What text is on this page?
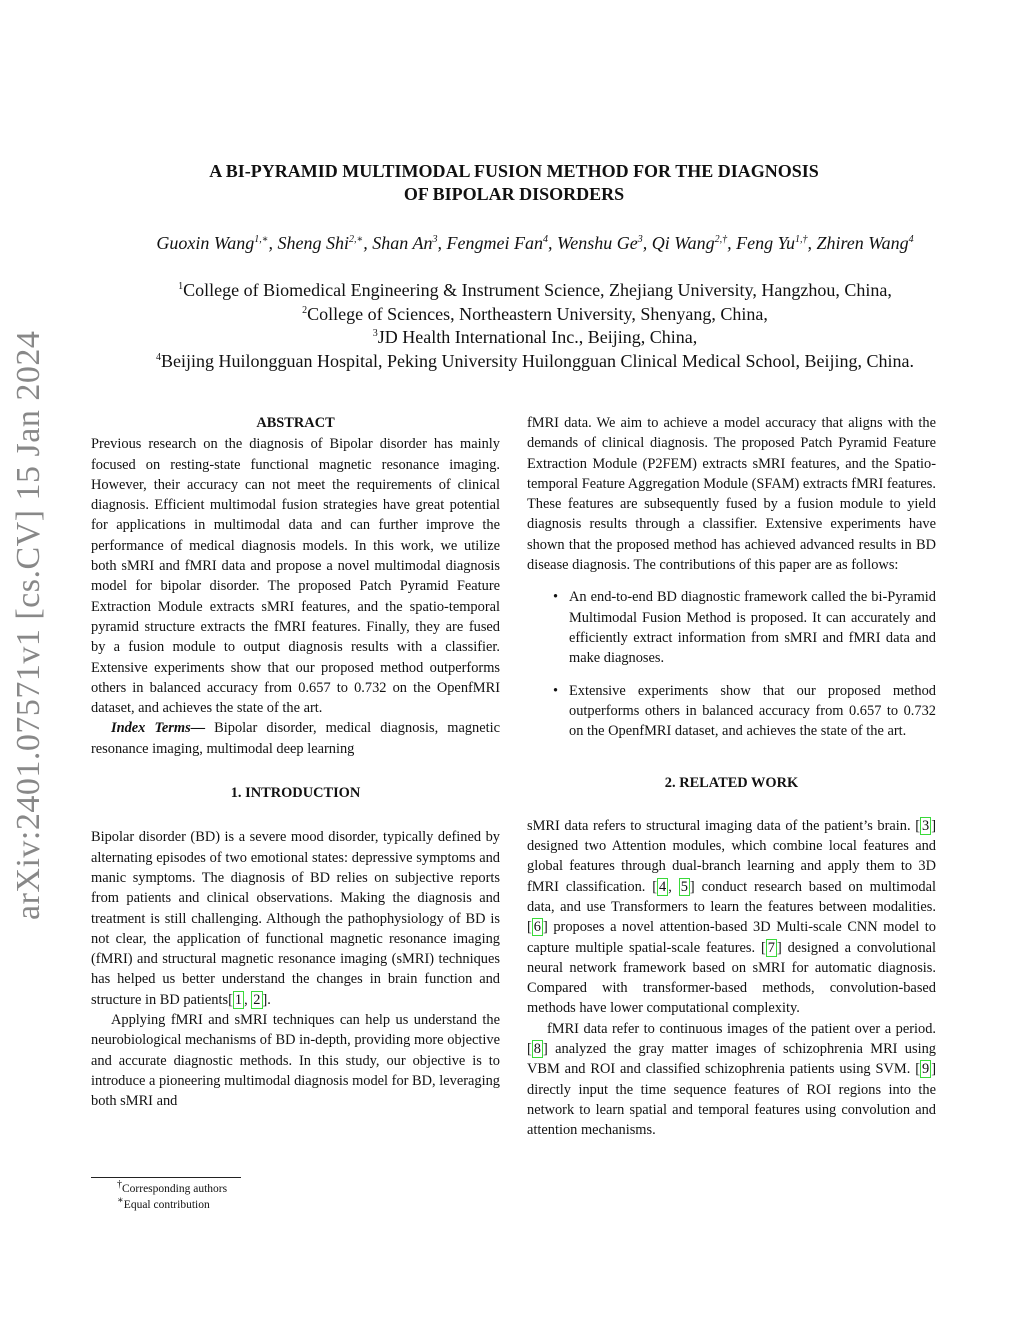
arXiv:2401.07571v1 [cs.CV] 15 Jan 2024
A BI-PYRAMID MULTIMODAL FUSION METHOD FOR THE DIAGNOSIS
OF BIPOLAR DISORDERS
Guoxin Wang$^{1,∗}$, Sheng Shi$^{2,∗}$, Shan An$^3$, Fengmei Fan$^4$, Wenshu Ge$^3$, Qi Wang$^{2,\dagger}$, Feng $Yu^{1,\dagger}$, Zhiren Wang$^4$
$^1$College of Biomedical Engineering & Instrument Science, Zhejiang University, Hangzhou, China,
$^2$College of Sciences, Northeastern University, Shenyang, China,
$^3$JD Health International Inc., Beijing, China,
$^4$Beijing Huilongguan Hospital, Peking University Huilongguan Clinical Medical School, Beijing, China.
ABSTRACT

Previous research on the diagnosis of Bipolar disorder has mainly focused on resting-state functional magnetic resonance imaging. However, their accuracy can not meet the requirements of clinical diagnosis. Efficient multimodal fusion strategies have great potential for applications in multimodal data and can further improve the performance of medical diagnosis models. In this work, we utilize both sMRI and fMRI data and propose a novel multimodal diagnosis model for bipolar disorder. The proposed Patch Pyramid Feature Extraction Module extracts sMRI features, and the spatio-temporal pyramid structure extracts the fMRI features. Finally, they are fused by a fusion module to output diagnosis results with a classifier. Extensive experiments show that our proposed method outperforms others in balanced accuracy from 0.657 to 0.732 on the OpenfMRI dataset, and achieves the state of the art.

Index Terms— Bipolar disorder, medical diagnosis, magnetic resonance imaging, multimodal deep learning

1. INTRODUCTION

Bipolar disorder (BD) is a severe mood disorder, typically defined by alternating episodes of two emotional states: depressive symptoms and manic symptoms. The diagnosis of BD relies on subjective reports from patients and clinical observations. Making the diagnosis and treatment is still challenging. Although the pathophysiology of BD is not clear, the application of functional magnetic resonance imaging (fMRI) and structural magnetic resonance imaging (sMRI) techniques has helped us better understand the changes in brain function and structure in BD patients[ 1 , 2 ].

Applying fMRI and sMRI techniques can help us understand the neurobiological mechanisms of BD in-depth, providing more objective and accurate diagnostic methods. In this study, our objective is to introduce a pioneering multimodal diagnosis model for BD, leveraging both sMRI and

†Corresponding authors
∗Equal contribution

fMRI data. We aim to achieve a model accuracy that aligns with the demands of clinical diagnosis. The proposed Patch Pyramid Feature Extraction Module (P2FEM) extracts sMRI features, and the Spatio-temporal Feature Aggregation Module (SFAM) extracts fMRI features. These features are subsequently fused by a fusion module to yield diagnosis results through a classifier. Extensive experiments have shown that the proposed method has achieved advanced results in BD disease diagnosis. The contributions of this paper are as follows:

• An end-to-end BD diagnostic framework called the bi-Pyramid Multimodal Fusion Method is proposed. It can accurately and efficiently extract information from sMRI and fMRI data and make diagnoses.
• Extensive experiments show that our proposed method outperforms others in balanced accuracy from 0.657 to 0.732 on the OpenfMRI dataset, and achieves the state of the art.
2. RELATED WORK

sMRI data refers to structural imaging data of the patient’s brain. [ 3 ] designed two Attention modules, which combine local features and global features through dual-branch learning and apply them to 3D fMRI classification. [ 4 , 5 ] conduct research based on multimodal data, and use Transformers to learn the features between modalities. [ 6 ] proposes a novel attention-based 3D Multi-scale CNN model to capture multiple spatial-scale features. [ 7 ] designed a convolutional neural network framework based on sMRI for automatic diagnosis. Compared with transformer-based methods, convolution-based methods have lower computational complexity.

fMRI data refer to continuous images of the patient over a period. [ 8 ] analyzed the gray matter images of schizophrenia MRI using VBM and ROI and classified schizophrenia patients using SVM. [ 9 ] directly input the time sequence features of ROI regions into the network to learn spatial and temporal features using convolution and attention mechanisms.
